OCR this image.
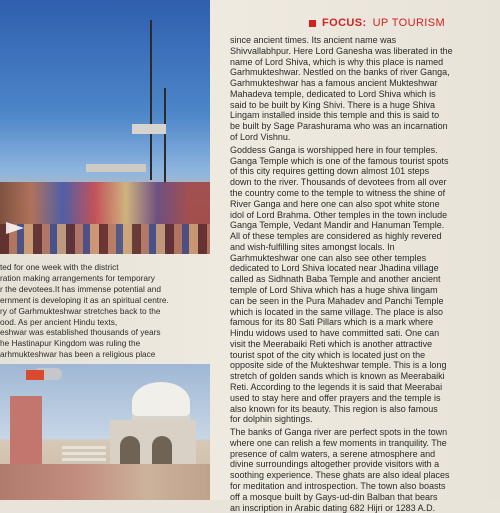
ted for one week with the district
ration making arrangements for temporary
r the devotees.It has immense potential and
ernment is developing it as an spiritual centre.
ry of Garhmukteshwar stretches back to the
ood. As per ancient Hindu texts,
eshwar was established thousands of years
he Hastinapur Kingdom was ruling the
arhmukteshwar has been a religious place
FOCUS: UP TOURISM
since ancient times. Its ancient name was
Shivvallabhpur. Here Lord Ganesha was liberated in the
name of Lord Shiva, which is why this place is named
Garhmukteshwar. Nestled on the banks of river Ganga,
Garhmukteshwar has a famous ancient Mukteshwar
Mahadeva temple, dedicated to Lord Shiva which is
said to be built by King Shivi. There is a huge Shiva
Lingam installed inside this temple and this is said to
be built by Sage Parashurama who was an incarnation
of Lord Vishnu.
Goddess Ganga is worshipped here in four temples.
Ganga Temple which is one of the famous tourist spots
of this city requires getting down almost 101 steps
down to the river. Thousands of devotees from all over
the country come to the temple to witness the shine of
River Ganga and here one can also spot white stone
idol of Lord Brahma. Other temples in the town include
Ganga Temple, Vedant Mandir and Hanuman Temple.
All of these temples are considered as highly revered
and wish-fulfilling sites amongst locals. In
Garhmukteshwar one can also see other temples
dedicated to Lord Shiva located near Jhadina village
called as Sidhnath Baba Temple and another ancient
temple of Lord Shiva which has a huge shiva lingam
can be seen in the Pura Mahadev and Panchi Temple
which is located in the same village. The place is also
famous for its 80 Sati Pillars which is a mark where
Hindu widows used to have committed sati. One can
visit the Meerabaiki Reti which is another attractive
tourist spot of the city which is located just on the
opposite side of the Mukteshwar temple. This is a long
stretch of golden sands which is known as Meerabaiki
Reti. According to the legends it is said that Meerabai
used to stay here and offer prayers and the temple is
also known for its beauty. This region is also famous
for dolphin sightings.
The banks of Ganga river are perfect spots in the town
where one can relish a few moments in tranquility. The
presence of calm waters, a serene atmosphere and
divine surroundings altogether provide visitors with a
soothing experience. These ghats are also ideal places
for meditation and introspection. The town also boasts
off a mosque built by Gays-ud-din Balban that bears
an inscription in Arabic dating 682 Hijri or 1283 A.D.
